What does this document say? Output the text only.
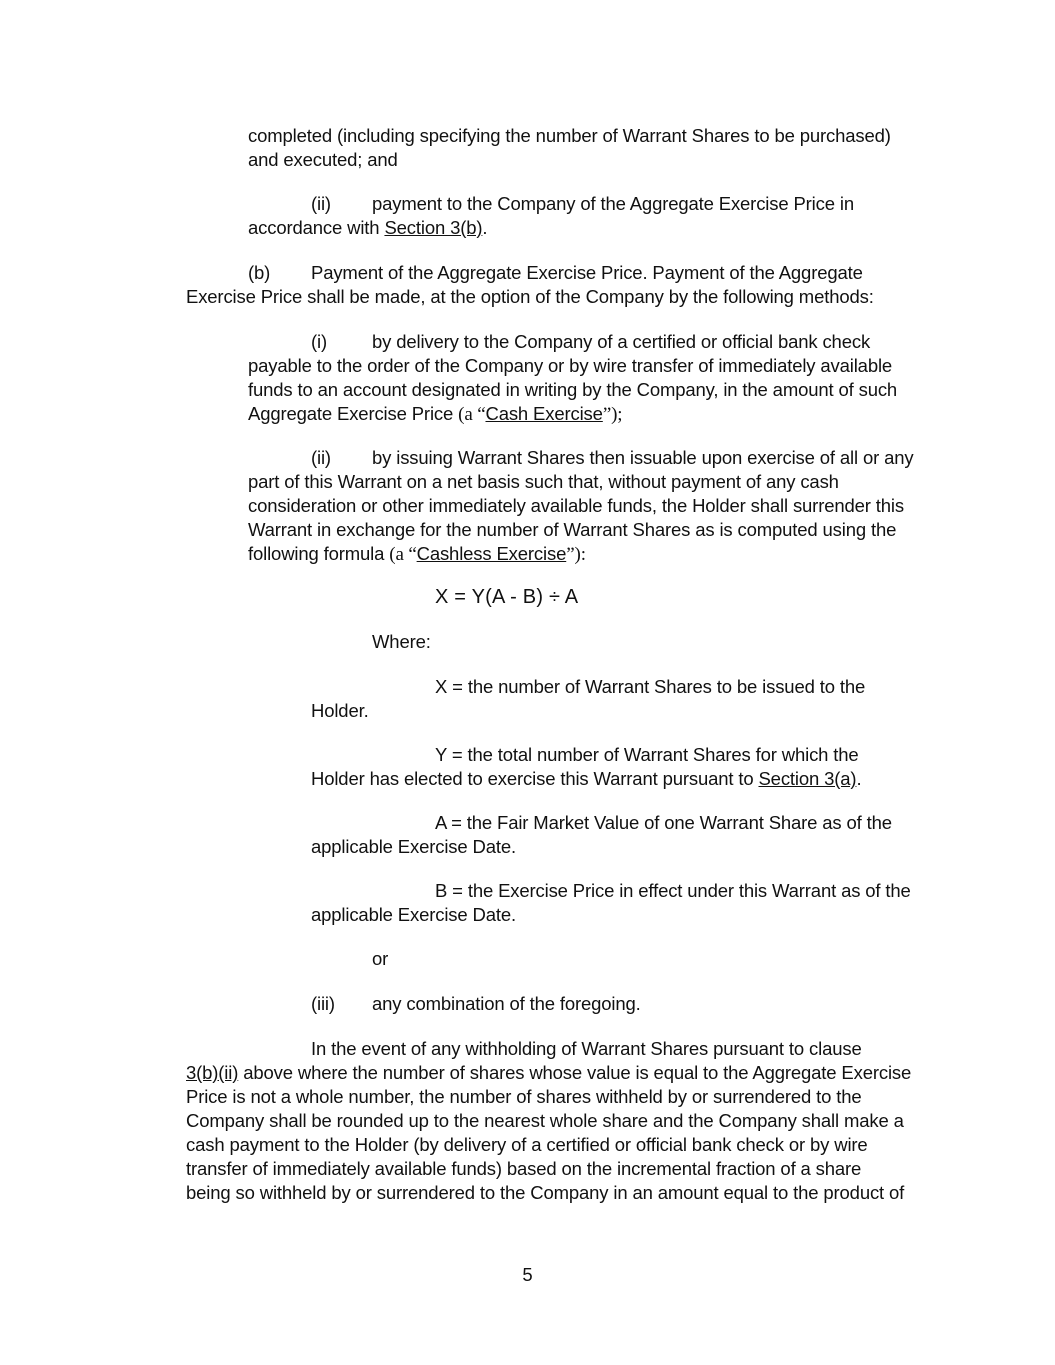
completed (including specifying the number of Warrant Shares to be purchased)
and executed; and
(ii) payment to the Company of the Aggregate Exercise Price in
accordance with Section 3(b).
(b) Payment of the Aggregate Exercise Price. Payment of the Aggregate
Exercise Price shall be made, at the option of the Company by the following methods:
(i) by delivery to the Company of a certified or official bank check
payable to the order of the Company or by wire transfer of immediately available
funds to an account designated in writing by the Company, in the amount of such
Aggregate Exercise Price (a “Cash Exercise”);
(ii) by issuing Warrant Shares then issuable upon exercise of all or any
part of this Warrant on a net basis such that, without payment of any cash
consideration or other immediately available funds, the Holder shall surrender this
Warrant in exchange for the number of Warrant Shares as is computed using the
following formula (a “Cashless Exercise”):
X = Y(A - B) ÷ A
Where:
X = the number of Warrant Shares to be issued to the
Holder.
Y = the total number of Warrant Shares for which the
Holder has elected to exercise this Warrant pursuant to Section 3(a).
A = the Fair Market Value of one Warrant Share as of the
applicable Exercise Date.
B = the Exercise Price in effect under this Warrant as of the
applicable Exercise Date.
or
(iii) any combination of the foregoing.
In the event of any withholding of Warrant Shares pursuant to clause
3(b)(ii) above where the number of shares whose value is equal to the Aggregate Exercise
Price is not a whole number, the number of shares withheld by or surrendered to the
Company shall be rounded up to the nearest whole share and the Company shall make a
cash payment to the Holder (by delivery of a certified or official bank check or by wire
transfer of immediately available funds) based on the incremental fraction of a share
being so withheld by or surrendered to the Company in an amount equal to the product of
5
